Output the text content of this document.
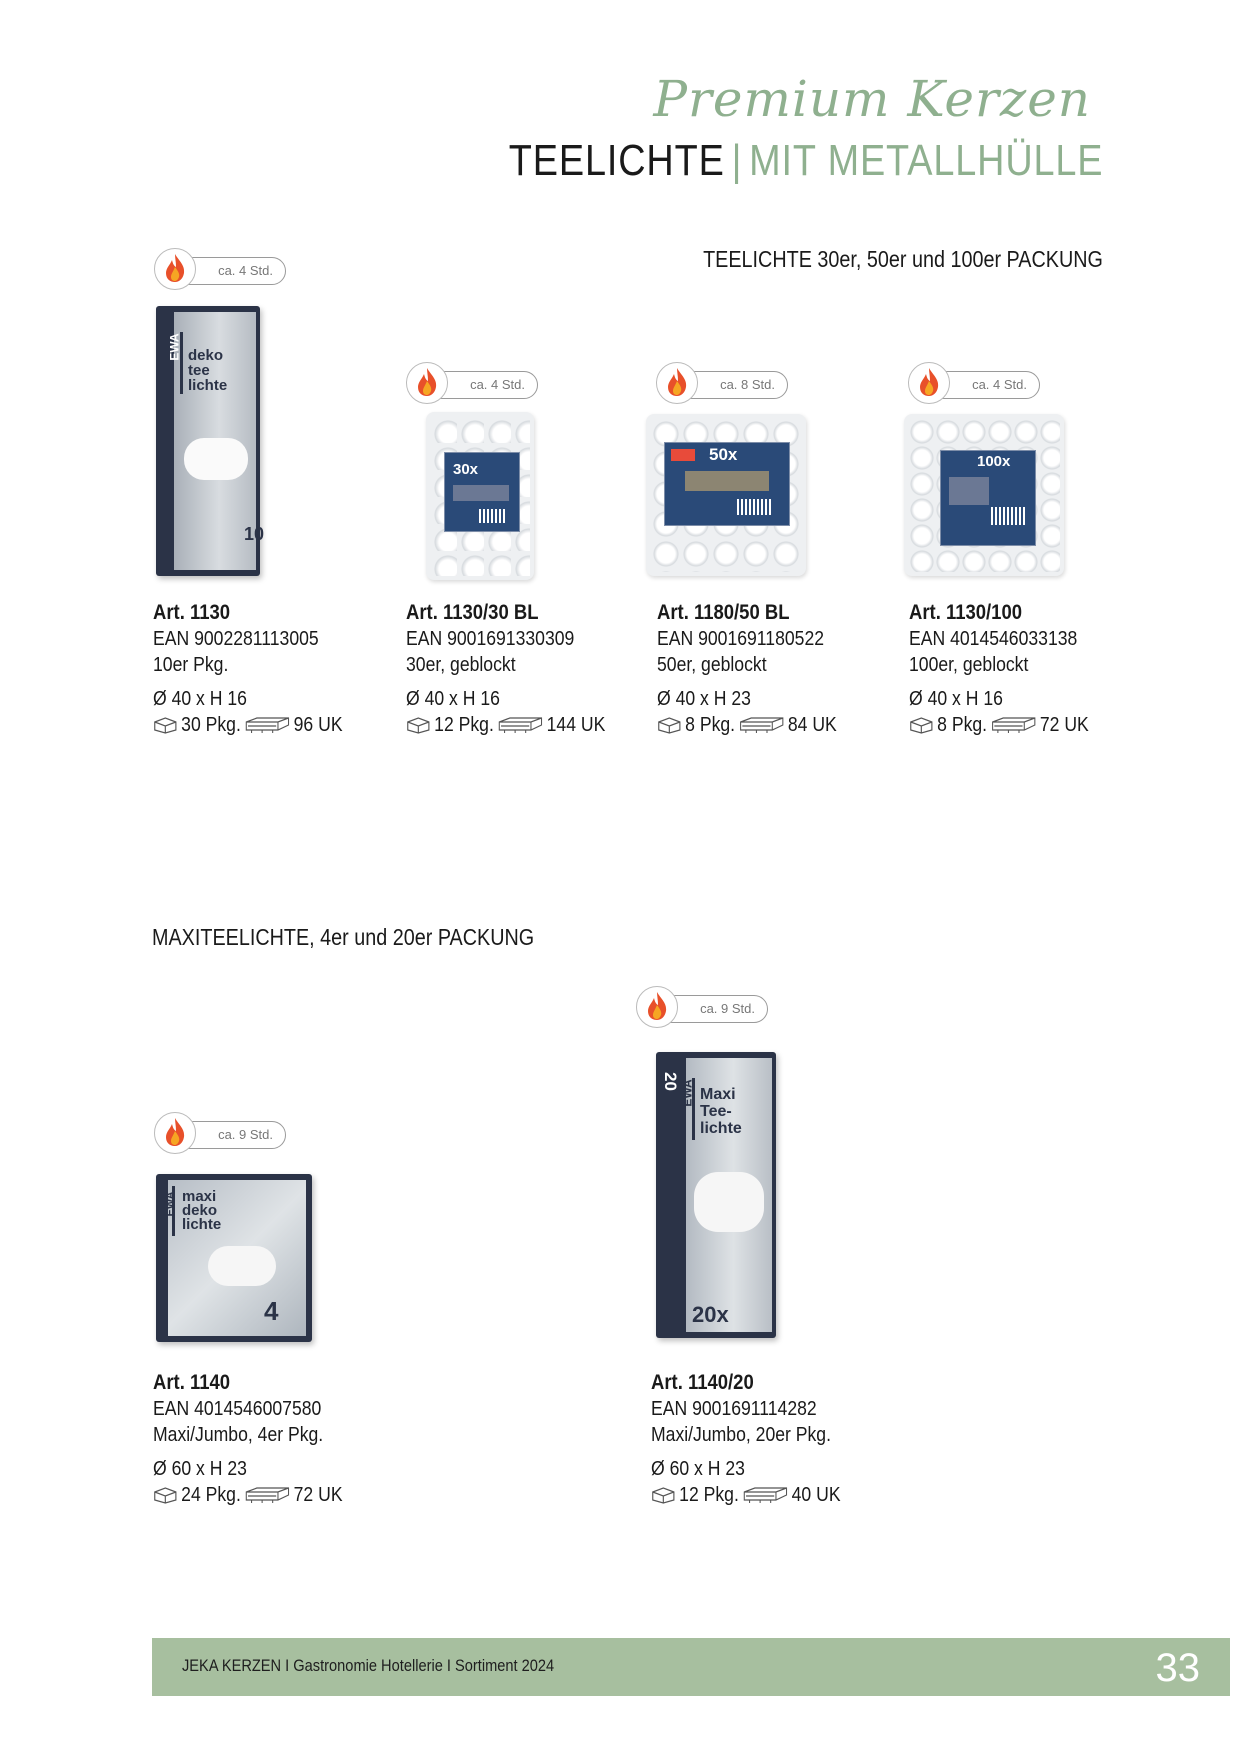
Premium Kerzen
TEELICHTE | MIT METALLHÜLLE
TEELICHTE 30er, 50er und 100er PACKUNG
MAXITEELICHTE, 4er und 20er PACKUNG
ca. 4 Std.
ca. 4 Std.	ca. 8 Std.	ca. 4 Std.
ca. 9 Std.
ca. 9 Std.
EWA deko
tee
lichte
10
30x
50x	100x
EWA maxi
deko
lichte
4
20 EWA Maxi
Tee-
lichte
20x
Art. 1130
EAN 9002281113005
10er Pkg.
Ø 40 x H 16
30 Pkg.	96 UK
Art. 1130/30 BL
EAN 9001691330309
30er, geblockt
Ø 40 x H 16
12 Pkg.	144 UK
Art. 1180/50 BL
EAN 9001691180522
50er, geblockt
Ø 40 x H 23
8 Pkg.	84 UK
Art. 1130/100
EAN 4014546033138
100er, geblockt
Ø 40 x H 16
8 Pkg.	72 UK
Art. 1140
EAN 4014546007580
Maxi/Jumbo, 4er Pkg.
Ø 60 x H 23
24 Pkg.	72 UK
Art. 1140/20
EAN 9001691114282
Maxi/Jumbo, 20er Pkg.
Ø 60 x H 23
12 Pkg.	40 UK
JEKA KERZEN I Gastronomie Hotellerie I Sortiment 2024	33
